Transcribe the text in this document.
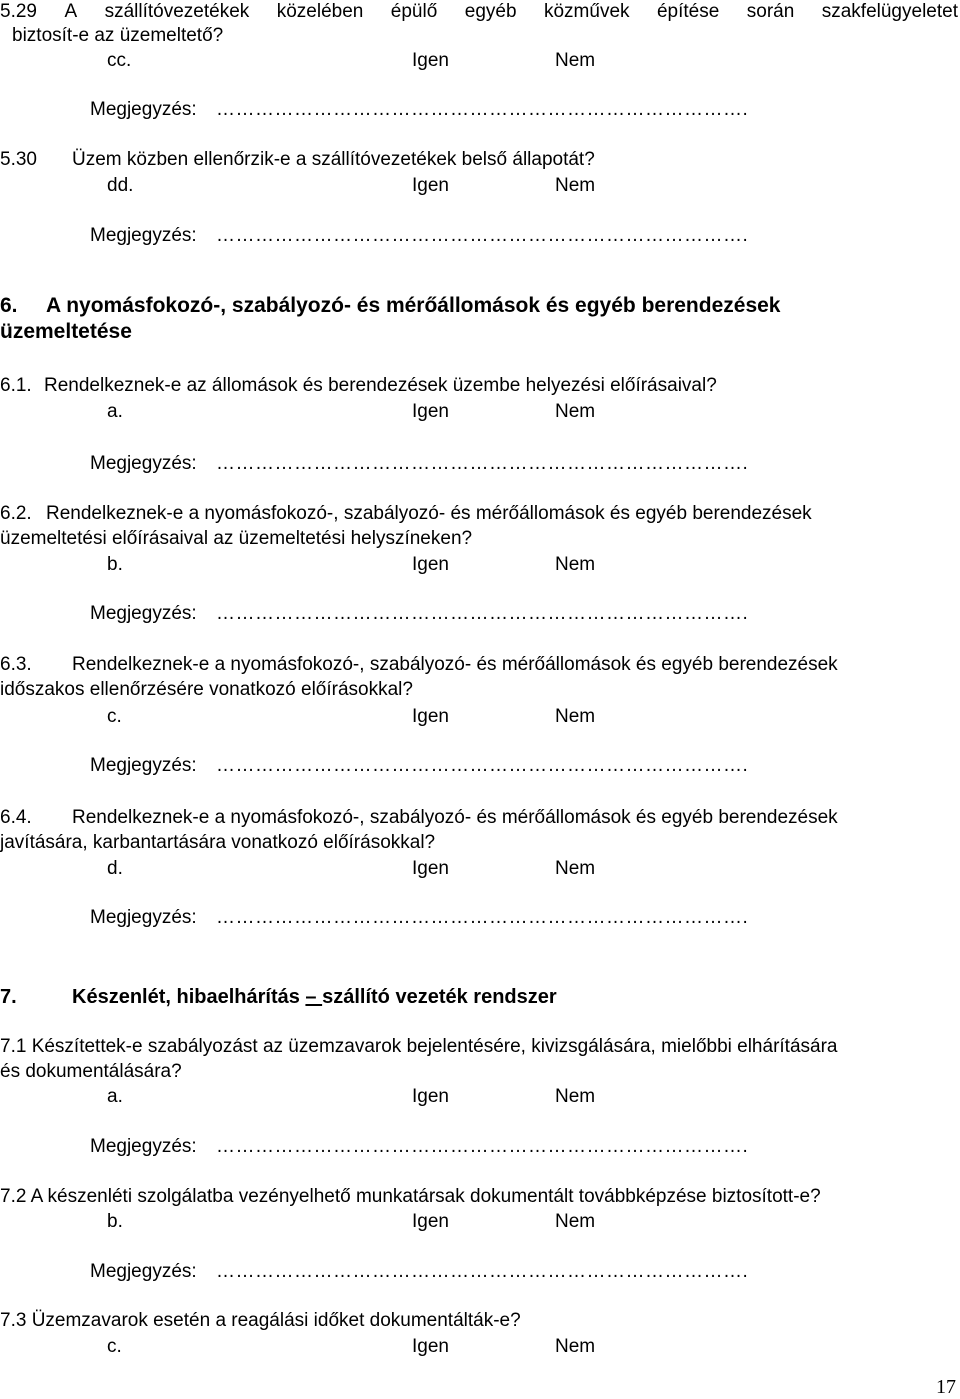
5.29 A szállítóvezetékek közelében épülő egyéb közművek építése során szakfelügyeletet
biztosít-e az üzemeltető?
cc.	Igen	Nem
Megjegyzés: ……………………………………………………………………….
5.30 Üzem közben ellenőrzik-e a szállítóvezetékek belső állapotát?
dd.	Igen	Nem
Megjegyzés: ……………………………………………………………………….
6. A nyomásfokozó-, szabályozó- és mérőállomások és egyéb berendezések
üzemeltetése
6.1. Rendelkeznek-e az állomások és berendezések üzembe helyezési előírásaival?
a.	Igen	Nem
Megjegyzés: ……………………………………………………………………….
6.2. Rendelkeznek-e a nyomásfokozó-, szabályozó- és mérőállomások és egyéb berendezések
üzemeltetési előírásaival az üzemeltetési helyszíneken?
b.	Igen	Nem
Megjegyzés: ……………………………………………………………………….
6.3. Rendelkeznek-e a nyomásfokozó-, szabályozó- és mérőállomások és egyéb berendezések
időszakos ellenőrzésére vonatkozó előírásokkal?
c.	Igen	Nem
Megjegyzés: ……………………………………………………………………….
6.4. Rendelkeznek-e a nyomásfokozó-, szabályozó- és mérőállomások és egyéb berendezések
javítására, karbantartására vonatkozó előírásokkal?
d.	Igen	Nem
Megjegyzés: ……………………………………………………………………….
7.	Készenlét, hibaelhárítás – szállító vezeték rendszer
7.1 Készítettek-e szabályozást az üzemzavarok bejelentésére, kivizsgálására, mielőbbi elhárítására
és dokumentálására?
a.	Igen	Nem
Megjegyzés: ……………………………………………………………………….
7.2 A készenléti szolgálatba vezényelhető munkatársak dokumentált továbbképzése biztosított-e?
b.	Igen	Nem
Megjegyzés: ……………………………………………………………………….
7.3 Üzemzavarok esetén a reagálási időket dokumentálták-e?
c.	Igen	Nem
17
